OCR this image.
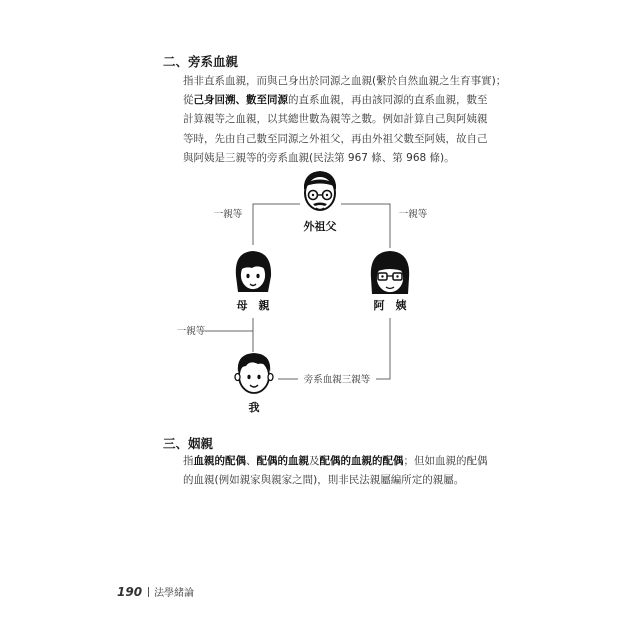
二、旁系血親
指非直系血親，而與己身出於同源之血親(繫於自然血親之生育事實)；
從己身回溯、數至同源的直系血親，再由該同源的直系血親，數至
計算親等之血親，以其總世數為親等之數。例如計算自己與阿姨親
等時，先由自己數至同源之外祖父，再由外祖父數至阿姨，故自己
與阿姨是三親等的旁系血親(民法第 967 條、第 968 條)。
外祖父
母　親	阿　姨
我
一親等	一親等
一親等
旁系血親三親等
三、姻親
指血親的配偶、配偶的血親及配偶的血親的配偶；但如血親的配偶
的血親(例如親家與親家之間)，則非民法親屬編所定的親屬。
190 法學緒論
